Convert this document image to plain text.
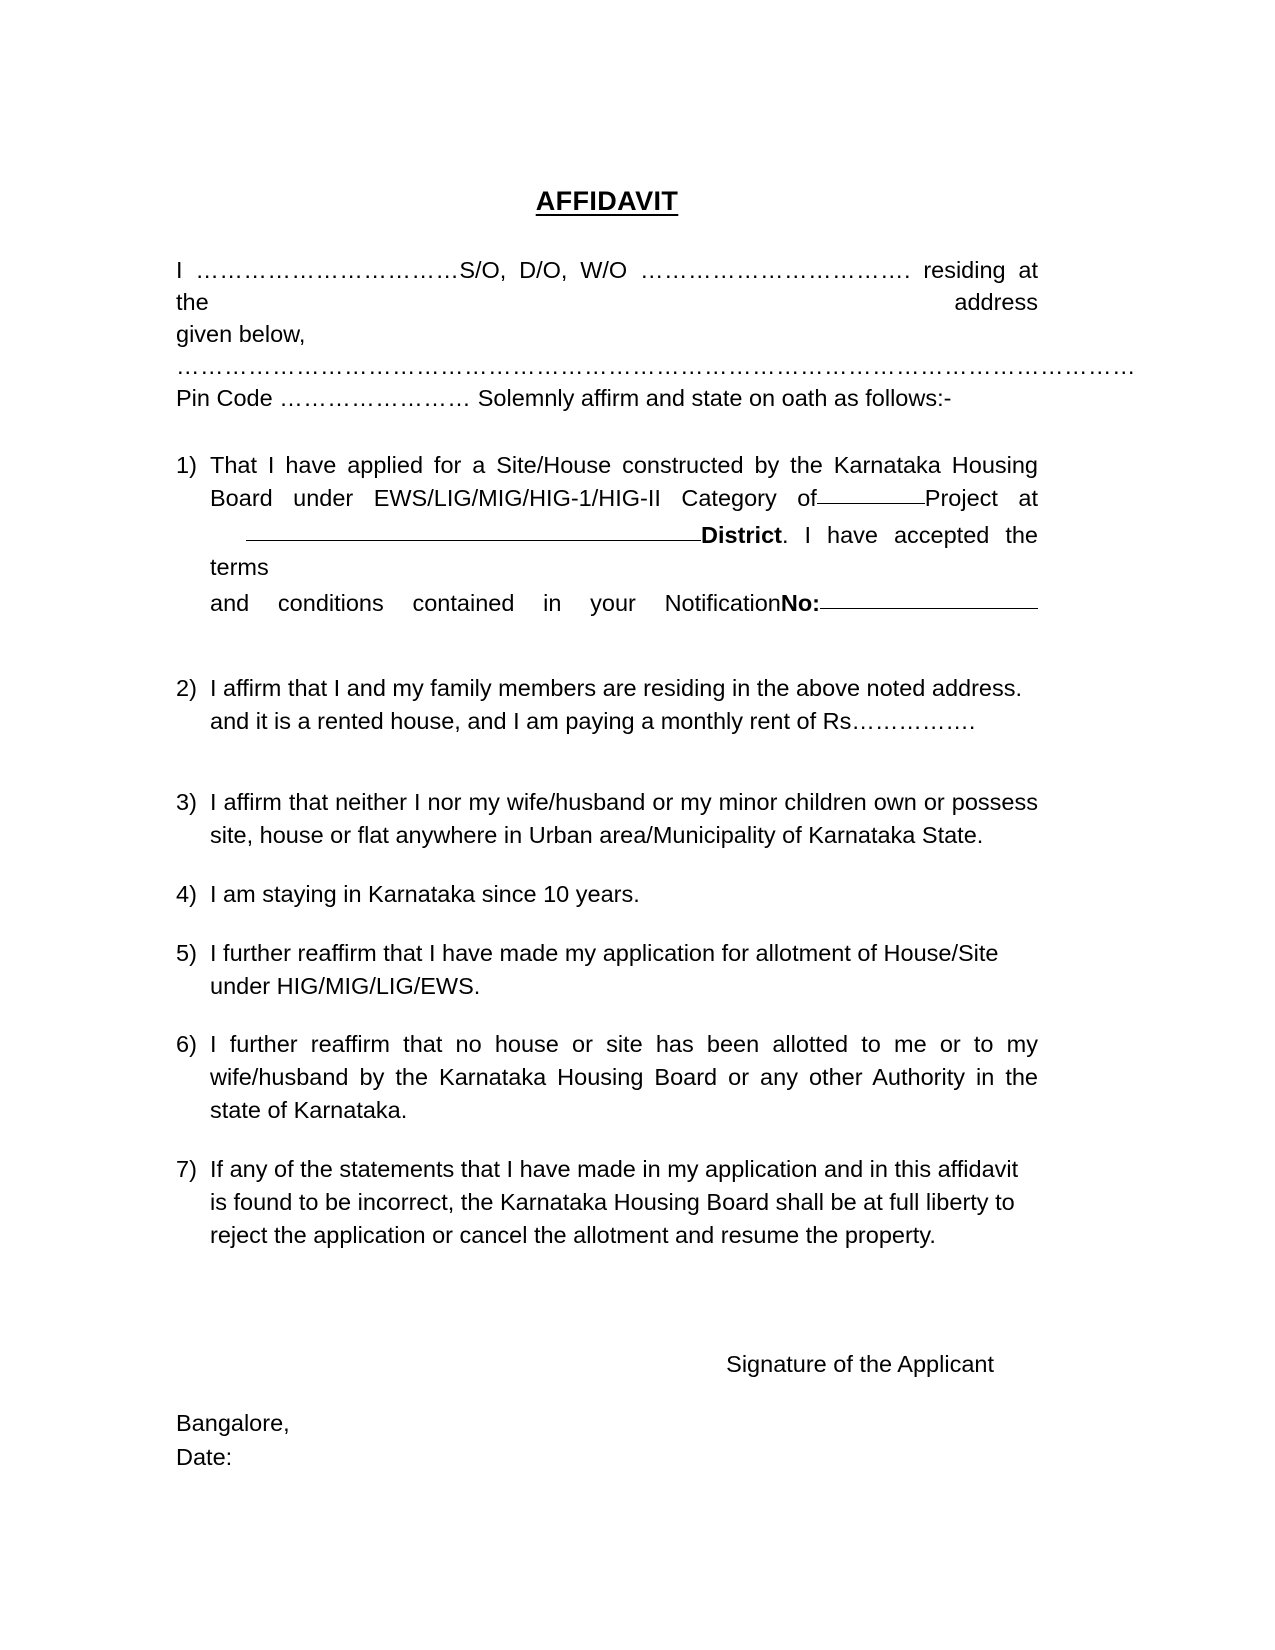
AFFIDAVIT
I ……………………………S/O, D/O, W/O ……………………………. residing at the address
given below, …………………………………………………………………………………………………………
Pin Code …………………… Solemnly affirm and state on oath as follows:-
1) That I have applied for a Site/House constructed by the Karnataka Housing
Board under EWS/LIG/MIG/HIG-1/HIG-II Category of	Project at
District. I have accepted the terms
and conditions contained in your NotificationNo:
2) I affirm that I and my family members are residing in the above noted address.
and it is a rented house, and I am paying a monthly rent of Rs…………….
3) I affirm that neither I nor my wife/husband or my minor children own or possess site, house or flat anywhere in Urban area/Municipality of Karnataka State.
4) I am staying in Karnataka since 10 years.
5) I further reaffirm that I have made my application for allotment of House/Site under HIG/MIG/LIG/EWS.
6) I further reaffirm that no house or site has been allotted to me or to my wife/husband by the Karnataka Housing Board or any other Authority in the state of Karnataka.
7) If any of the statements that I have made in my application and in this affidavit is found to be incorrect, the Karnataka Housing Board shall be at full liberty to reject the application or cancel the allotment and resume the property.
Signature of the Applicant
Bangalore,
Date:
